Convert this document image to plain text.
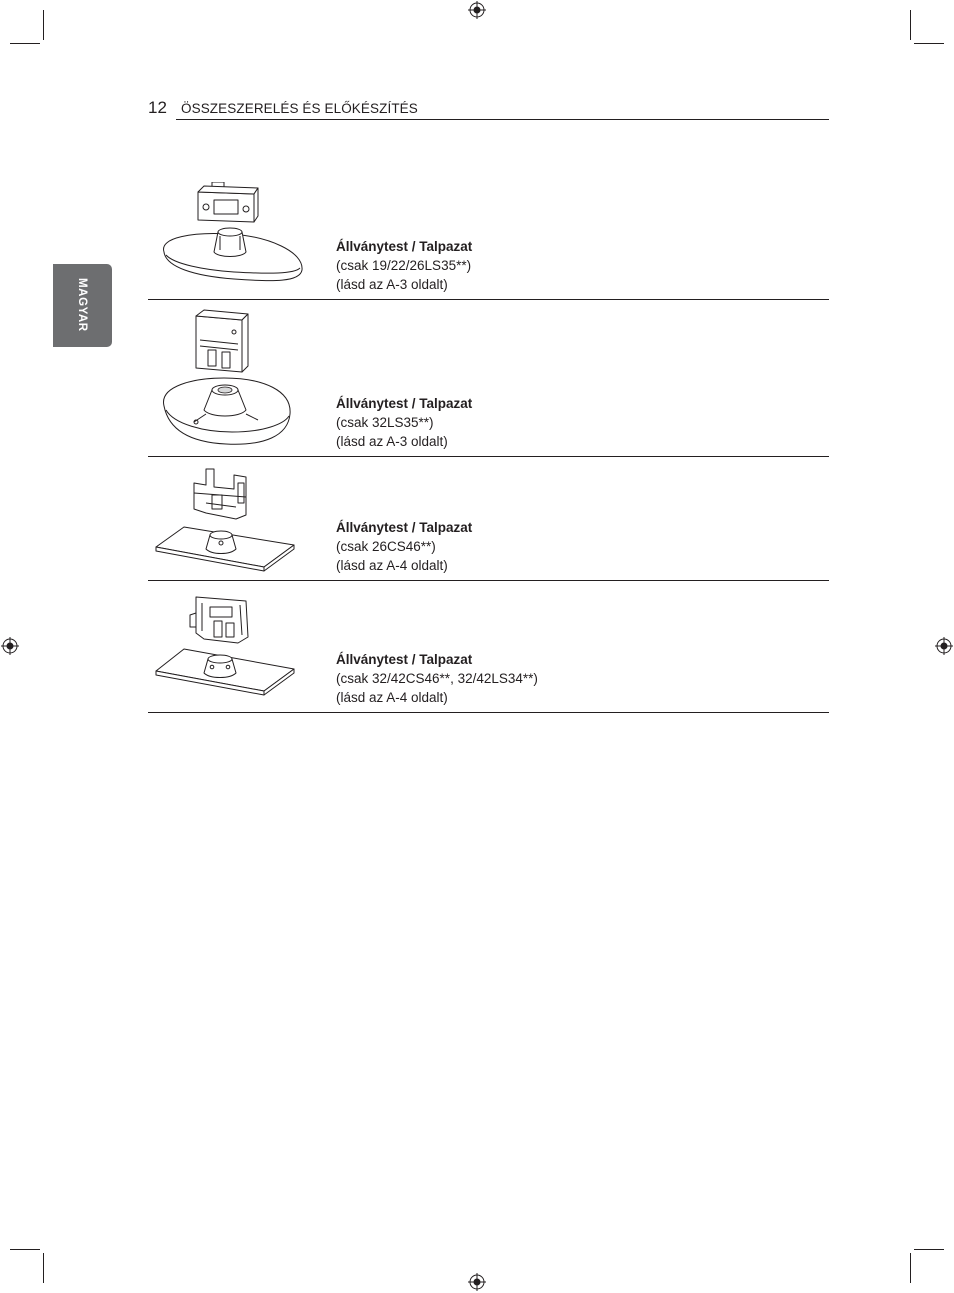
12 ÖSSZESZERELÉS ÉS ELŐKÉSZÍTÉS
MAGYAR
Állványtest / Talpazat
(csak 19/22/26LS35**)
(lásd az A-3 oldalt)
Állványtest / Talpazat
(csak 32LS35**)
(lásd az A-3 oldalt)
Állványtest / Talpazat
(csak 26CS46**)
(lásd az A-4 oldalt)
Állványtest / Talpazat
(csak 32/42CS46**, 32/42LS34**)
(lásd az A-4 oldalt)
